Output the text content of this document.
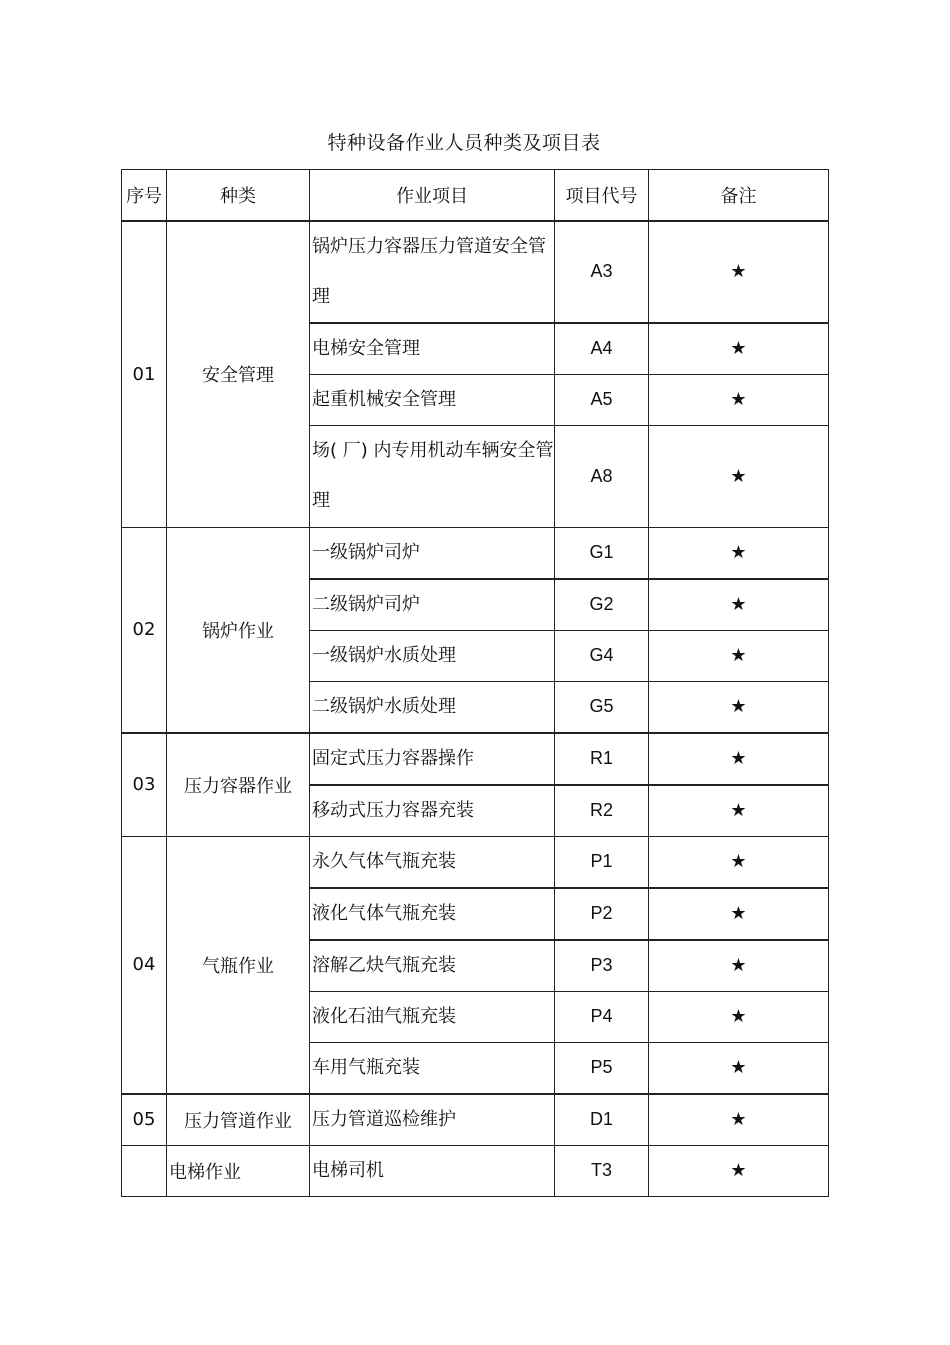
特种设备作业人员种类及项目表
序号	种类	作业项目	项目代号	备注
01	安全管理	锅炉压力容器压力管道安全管理	A3	★
		电梯安全管理	A4	★
		起重机械安全管理	A5	★
		场( 厂) 内专用机动车辆安全管理	A8	★
02	锅炉作业	一级锅炉司炉	G1	★
		二级锅炉司炉	G2	★
		一级锅炉水质处理	G4	★
		二级锅炉水质处理	G5	★
03	压力容器作业	固定式压力容器操作	R1	★
		移动式压力容器充装	R2	★
04	气瓶作业	永久气体气瓶充装	P1	★
		液化气体气瓶充装	P2	★
		溶解乙炔气瓶充装	P3	★
		液化石油气瓶充装	P4	★
		车用气瓶充装	P5	★
05	压力管道作业	压力管道巡检维护	D1	★
	电梯作业	电梯司机	T3	★
